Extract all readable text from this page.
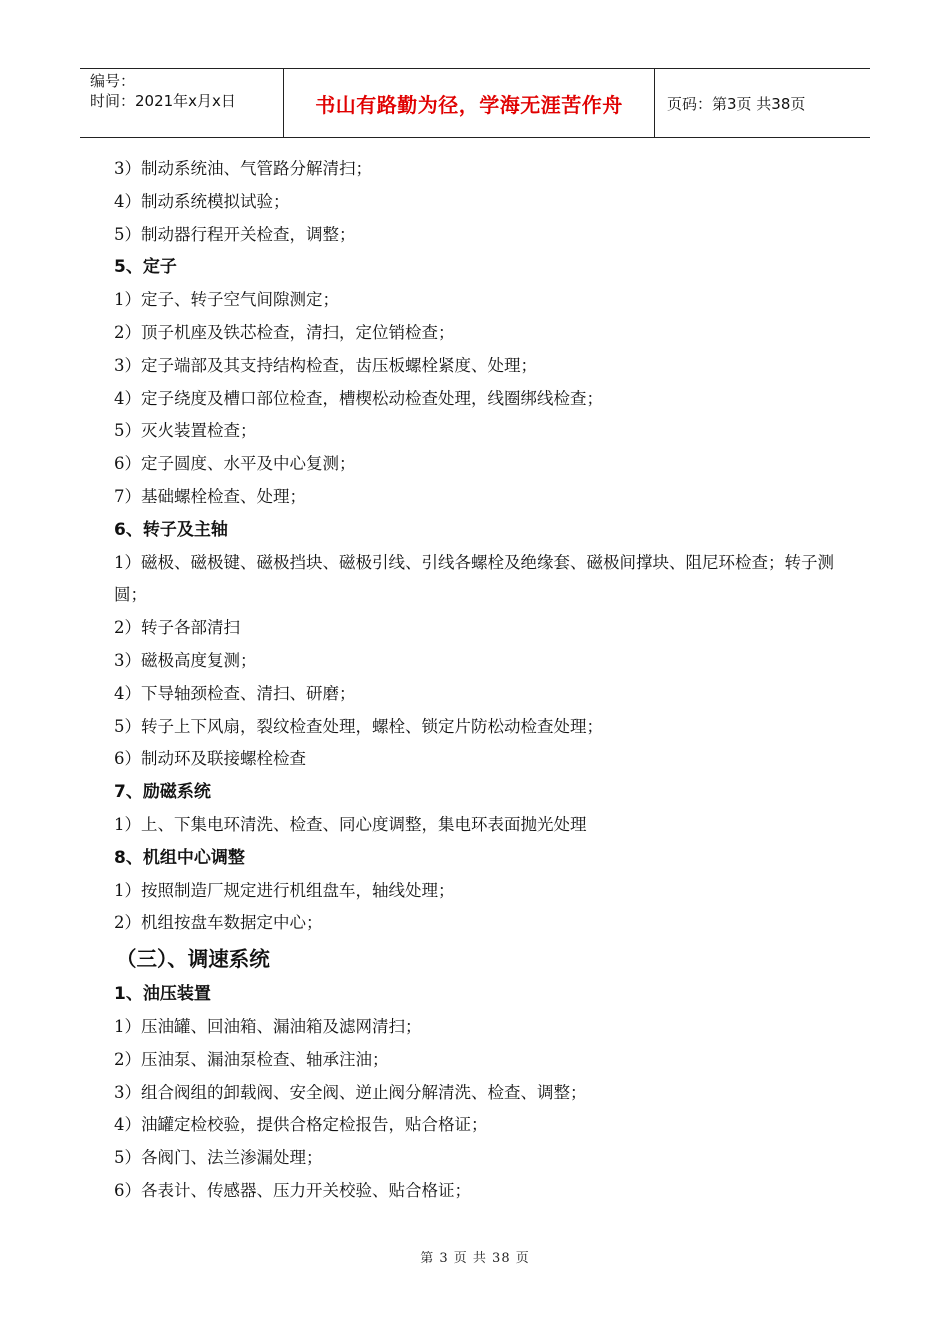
编号：
时间：2021年x月x日	书山有路勤为径，学海无涯苦作舟	页码：第3页 共38页
3）制动系统油、气管路分解清扫；
4）制动系统模拟试验；
5）制动器行程开关检查，调整；
5、定子
1）定子、转子空气间隙测定；
2）顶子机座及铁芯检查，清扫，定位销检查；
3）定子端部及其支持结构检查，齿压板螺栓紧度、处理；
4）定子绕度及槽口部位检查，槽楔松动检查处理，线圈绑线检查；
5）灭火装置检查；
6）定子圆度、水平及中心复测；
7）基础螺栓检查、处理；
6、转子及主轴
1）磁极、磁极键、磁极挡块、磁极引线、引线各螺栓及绝缘套、磁极间撑块、阻尼环检查；转子测圆；
2）转子各部清扫
3）磁极高度复测；
4）下导轴颈检查、清扫、研磨；
5）转子上下风扇，裂纹检查处理，螺栓、锁定片防松动检查处理；
6）制动环及联接螺栓检查
7、励磁系统
1）上、下集电环清洗、检查、同心度调整，集电环表面抛光处理
8、机组中心调整
1）按照制造厂规定进行机组盘车，轴线处理；
2）机组按盘车数据定中心；
（三）、调速系统
1、油压装置
1）压油罐、回油箱、漏油箱及滤网清扫；
2）压油泵、漏油泵检查、轴承注油；
3）组合阀组的卸载阀、安全阀、逆止阀分解清洗、检查、调整；
4）油罐定检校验，提供合格定检报告，贴合格证；
5）各阀门、法兰渗漏处理；
6）各表计、传感器、压力开关校验、贴合格证；
第 3 页 共 38 页
